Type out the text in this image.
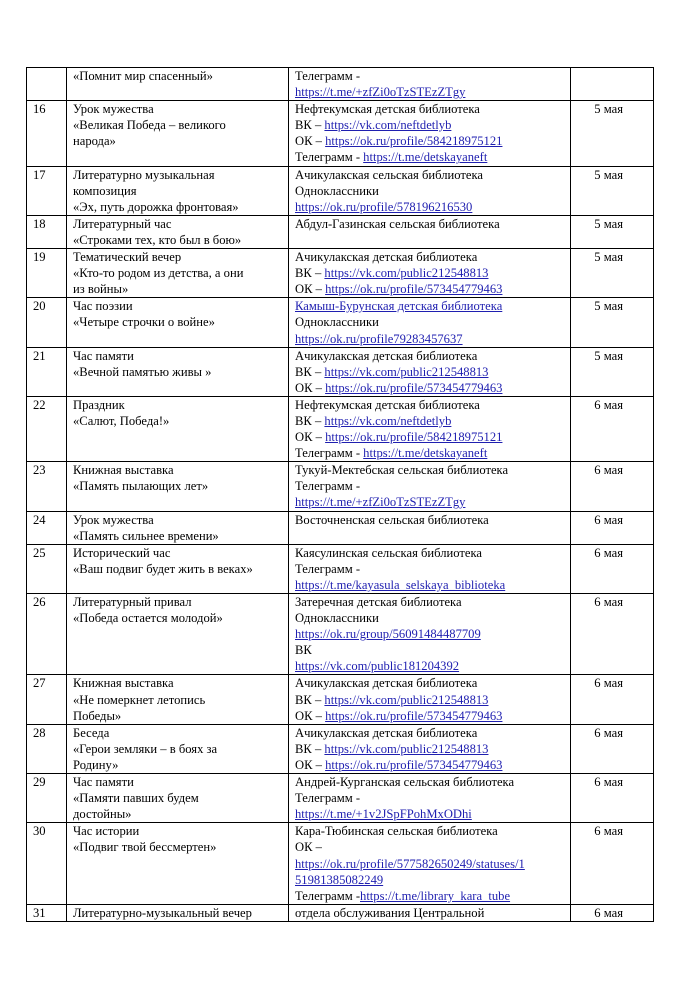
	«Помнит мир спасенный»	Телеграмм -
https://t.me/+zfZi0oTzSTEzZTgy	

16	Урок мужества
«Великая Победа – великого
народа»	Нефтекумская детская библиотека
ВК – https://vk.com/neftdetlyb
ОК – https://ok.ru/profile/584218975121
Телеграмм - https://t.me/detskayaneft	5 мая
17	Литературно музыкальная
композиция
«Эх, путь дорожка фронтовая»	Ачикулакская сельская библиотека
Одноклассники
https://ok.ru/profile/578196216530	5 мая
18	Литературный час
«Строками тех, кто был в бою»	Абдул-Газинская сельская библиотека	5 мая
19	Тематический вечер
«Кто-то родом из детства, а они
из войны»	Ачикулакская детская библиотека
ВК – https://vk.com/public212548813
ОК – https://ok.ru/profile/573454779463	5 мая
20	Час поэзии
«Четыре строчки о войне»	Камыш-Бурунская детская библиотека
Одноклассники
https://ok.ru/profile79283457637	5 мая
21	Час памяти
«Вечной памятью живы »	Ачикулакская детская библиотека
ВК – https://vk.com/public212548813
ОК – https://ok.ru/profile/573454779463	5 мая
22	Праздник
«Салют, Победа!»	Нефтекумская детская библиотека
ВК – https://vk.com/neftdetlyb
ОК – https://ok.ru/profile/584218975121
Телеграмм - https://t.me/detskayaneft	6 мая
23	Книжная выставка
«Память пылающих лет»	Тукуй-Мектебская сельская библиотека
Телеграмм -
https://t.me/+zfZi0oTzSTEzZTgy	6 мая
24	Урок мужества
«Память сильнее времени»	Восточненская сельская библиотека	6 мая
25	Исторический час
«Ваш подвиг будет жить в веках»	Каясулинская сельская библиотека
Телеграмм -
https://t.me/kayasula_selskaya_biblioteka	6 мая
26	Литературный привал
«Победа остается молодой»	Затеречная детская библиотека
Одноклассники
https://ok.ru/group/56091484487709
ВК
https://vk.com/public181204392	6 мая
27	Книжная выставка
«Не померкнет летопись
Победы»	Ачикулакская детская библиотека
ВК – https://vk.com/public212548813
ОК – https://ok.ru/profile/573454779463	6 мая
28	Беседа
«Герои земляки – в боях за
Родину»	Ачикулакская детская библиотека
ВК – https://vk.com/public212548813
ОК – https://ok.ru/profile/573454779463	6 мая
29	Час памяти
«Памяти павших будем
достойны»	Андрей-Курганская сельская библиотека
Телеграмм -
https://t.me/+1v2JSpFPohMxODhi	6 мая
30	Час истории
«Подвиг твой бессмертен»	Кара-Тюбинская сельская библиотека
ОК –
https://ok.ru/profile/577582650249/statuses/1
51981385082249
Телеграмм -https://t.me/library_kara_tube	6 мая
31	Литературно-музыкальный вечер	отдела обслуживания Центральной	6 мая
